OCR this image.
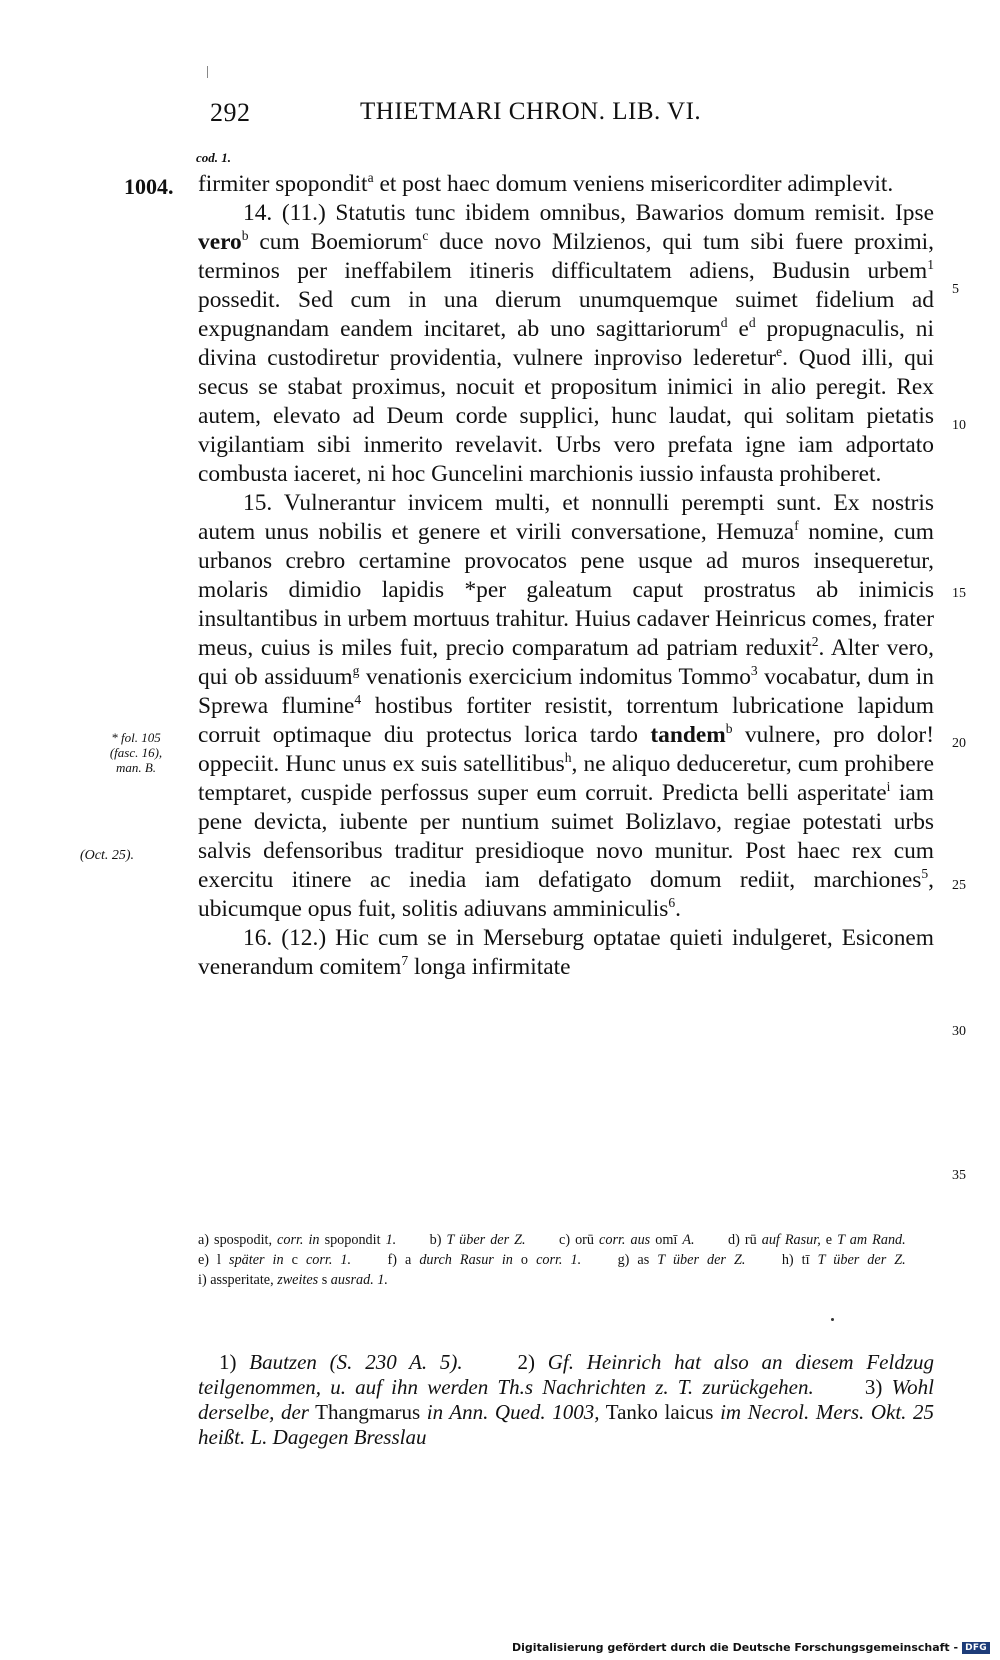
292	THIETMARI CHRON. LIB. VI.
cod. 1.
1004.
* fol. 105
(fasc. 16),
man. B.
(Oct. 25).
5
10
15
20
25
30
35

firmiter spopondit$^a$ et post haec domum veniens misericorditer adimplevit.

14. (11.) Statutis tunc ibidem omnibus, Bawarios domum remisit. Ipse vero$^b$ cum Boemiorum$^c$ duce novo Milzienos, qui tum sibi fuere proximi, terminos per ineffabilem itineris difficultatem adiens, Budusin urbem$^1$ possedit. Sed cum in una dierum unumquemque suimet fidelium ad expugnandam eandem incitaret, ab uno sagittariorum$^d$ $e^d$ propugnaculis, ni divina custodiretur providentia, vulnere inproviso lederetur$^e$. Quod illi, qui secus se stabat proximus, nocuit et propositum inimici in alio peregit. Rex autem, elevato ad Deum corde supplici, hunc laudat, qui solitam pietatis vigilantiam sibi inmerito revelavit. Urbs vero prefata igne iam adportato combusta iaceret, ni hoc Guncelini marchionis iussio infausta prohiberet.

15. Vulnerantur invicem multi, et nonnulli perempti sunt. Ex nostris autem unus nobilis et genere et virili conversatione, Hemuza$^f$ nomine, cum urbanos crebro certamine provocatos pene usque ad muros insequeretur, molaris dimidio lapidis *per galeatum caput prostratus ab inimicis insultantibus in urbem mortuus trahitur. Huius cadaver Heinricus comes, frater meus, cuius is miles fuit, precio comparatum ad patriam reduxit$^2$. Alter vero, qui ob assiduum$^g$ venationis exercicium indomitus Tommo$^3$ vocabatur, dum in Sprewa flumine$^4$ hostibus fortiter resistit, torrentum lubricatione lapidum corruit optimaque diu protectus lorica tardo tandem$^b$ vulnere, pro dolor! oppeciit. Hunc unus ex suis satellitibus$^h$, ne aliquo deduceretur, cum prohibere temptaret, cuspide perfossus super eum corruit. Predicta belli asperitate$^i$ iam pene devicta, iubente per nuntium suimet Bolizlavo, regiae potestati urbs salvis defensoribus traditur presidioque novo munitur. Post haec rex cum exercitu itinere ac inedia iam defatigato domum rediit, marchiones$^5$, ubicumque opus fuit, solitis adiuvans amminiculis$^6$.

16. (12.) Hic cum se in Merseburg optatae quieti indulgeret, Esiconem venerandum comitem$^7$ longa infirmitate

a) spospodit, corr. in spopondit 1.   b) T über der Z.   c) orū corr. aus omī A.   d) rū auf Rasur, e T am Rand.   e) l später in c corr. 1.  	f) a durch Rasur in o corr. 1.  	g) as T über der Z.  	h) tī T über der Z.   i) assperitate, zweites s ausrad. 1.
 1) Bautzen (S. 230 A. 5).  	2) Gf. Heinrich hat also an diesem Feldzug teilgenommen, u. auf ihn werden Th.s Nachrichten z. T. zurückgehen.   3) Wohl derselbe, der Thangmarus in Ann. Qued. 1003, Tanko laicus im Necrol. Mers. Okt. 25 heißt. L. Dagegen Bresslau
Digitalisierung gefördert durch die Deutsche Forschungsgemeinschaft - DFG
